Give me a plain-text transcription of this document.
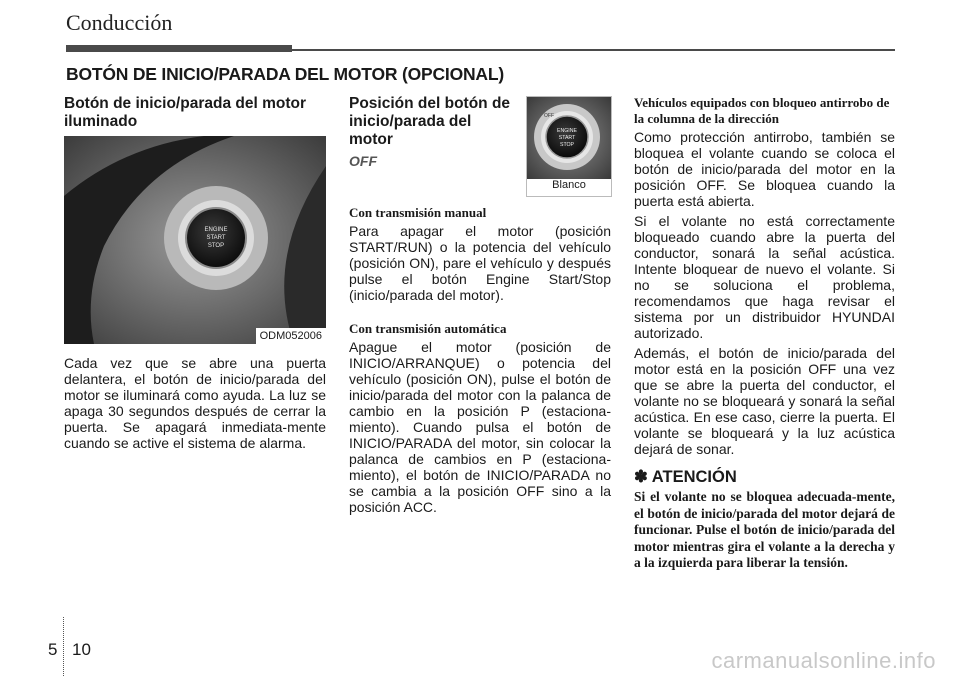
Conducción
BOTÓN DE INICIO/PARADA DEL MOTOR (OPCIONAL)
Botón de inicio/parada del motor iluminado
ENGINE
START
STOP
ODM052006

Cada vez que se abre una puerta delantera, el botón de inicio/parada del motor se iluminará como ayuda. La luz se apaga 30 segundos después de cerrar la puerta. Se apagará inmediata-mente cuando se active el sistema de alarma.

Posición del botón de inicio/parada del motor
OFF
OFF
ENGINE
START
STOP
Blanco
Con transmisión manual

Para apagar el motor (posición START/RUN) o la potencia del vehículo (posición ON), pare el vehículo y después pulse el botón Engine Start/Stop (inicio/parada del motor).

Con transmisión automática

Apague el motor (posición de INICIO/ARRANQUE) o potencia del vehículo (posición ON), pulse el botón de inicio/parada del motor con la palanca de cambio en la posición P (estaciona-miento). Cuando pulsa el botón de INICIO/PARADA del motor, sin colocar la palanca de cambios en P (estaciona-miento), el botón de INICIO/PARADA no se cambia a la posición OFF sino a la posición ACC.

Vehículos equipados con bloqueo antirrobo de la columna de la dirección

Como protección antirrobo, también se bloquea el volante cuando se coloca el botón de inicio/parada del motor en la posición OFF. Se bloquea cuando la puerta está abierta.

Si el volante no está correctamente bloqueado cuando abre la puerta del conductor, sonará la señal acústica. Intente bloquear de nuevo el volante. Si no se soluciona el problema, recomendamos que haga revisar el sistema por un distribuidor HYUNDAI autorizado.

Además, el botón de inicio/parada del motor está en la posición OFF una vez que se abre la puerta del conductor, el volante no se bloqueará y sonará la señal acústica. En ese caso, cierre la puerta. El volante se bloqueará y la luz acústica dejará de sonar.

✽ ATENCIÓN
Si el volante no se bloquea adecuada-mente, el botón de inicio/parada del motor dejará de funcionar. Pulse el botón de inicio/parada del motor mientras gira el volante a la derecha y a la izquierda para liberar la tensión.
5 10	carmanualsonline.info
